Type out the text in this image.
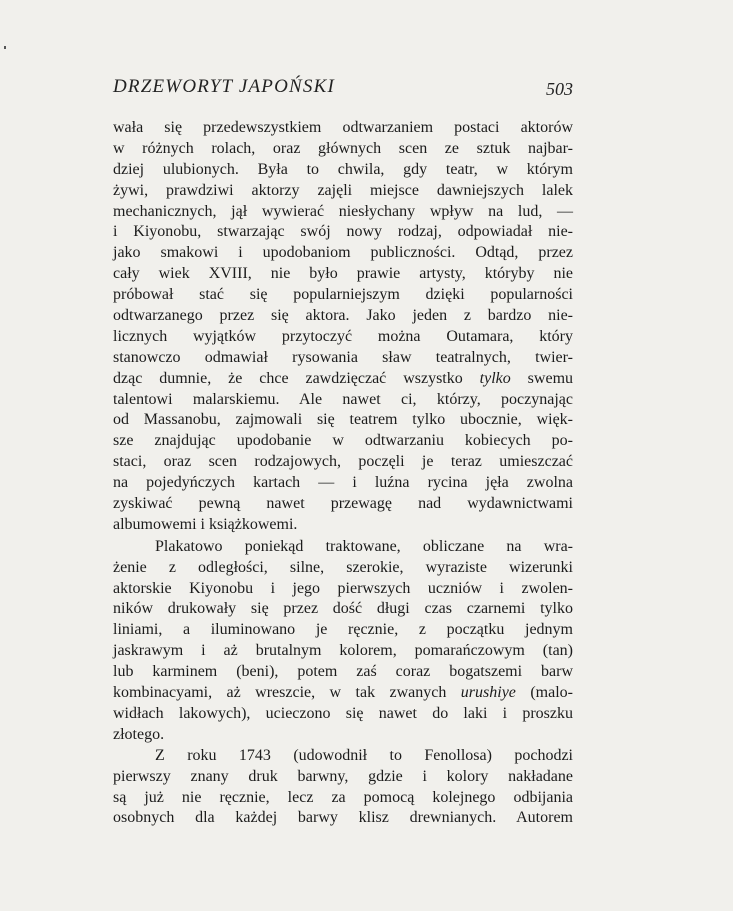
DRZEWORYT JAPOŃSKI	503
wała się przedewszystkiem odtwarzaniem postaci aktorów
w różnych rolach, oraz głównych scen ze sztuk najbar-
dziej ulubionych. Była to chwila, gdy teatr, w którym
żywi, prawdziwi aktorzy zajęli miejsce dawniejszych lalek
mechanicznych, jął wywierać niesłychany wpływ na lud, —
i Kiyonobu, stwarzając swój nowy rodzaj, odpowiadał nie-
jako smakowi i upodobaniom publiczności. Odtąd, przez
cały wiek XVIII, nie było prawie artysty, któryby nie
próbował stać się popularniejszym dzięki popularności
odtwarzanego przez się aktora. Jako jeden z bardzo nie-
licznych wyjątków przytoczyć można Outamara, który
stanowczo odmawiał rysowania sław teatralnych, twier-
dząc dumnie, że chce zawdzięczać wszystko tylko swemu
talentowi malarskiemu. Ale nawet ci, którzy, poczynając
od Massanobu, zajmowali się teatrem tylko ubocznie, więk-
sze znajdując upodobanie w odtwarzaniu kobiecych po-
staci, oraz scen rodzajowych, poczęli je teraz umieszczać
na pojedyńczych kartach — i luźna rycina jęła zwolna
zyskiwać pewną nawet przewagę nad wydawnictwami
albumowemi i książkowemi.
Plakatowo poniekąd traktowane, obliczane na wra-
żenie z odległości, silne, szerokie, wyraziste wizerunki
aktorskie Kiyonobu i jego pierwszych uczniów i zwolen-
ników drukowały się przez dość długi czas czarnemi tylko
liniami, a iluminowano je ręcznie, z początku jednym
jaskrawym i aż brutalnym kolorem, pomarańczowym (tan)
lub karminem (beni), potem zaś coraz bogatszemi barw
kombinacyami, aż wreszcie, w tak zwanych urushiye (malo-
widłach lakowych), ucieczono się nawet do laki i proszku
złotego.
Z roku 1743 (udowodnił to Fenollosa) pochodzi
pierwszy znany druk barwny, gdzie i kolory nakładane
są już nie ręcznie, lecz za pomocą kolejnego odbijania
osobnych dla każdej barwy klisz drewnianych. Autorem
